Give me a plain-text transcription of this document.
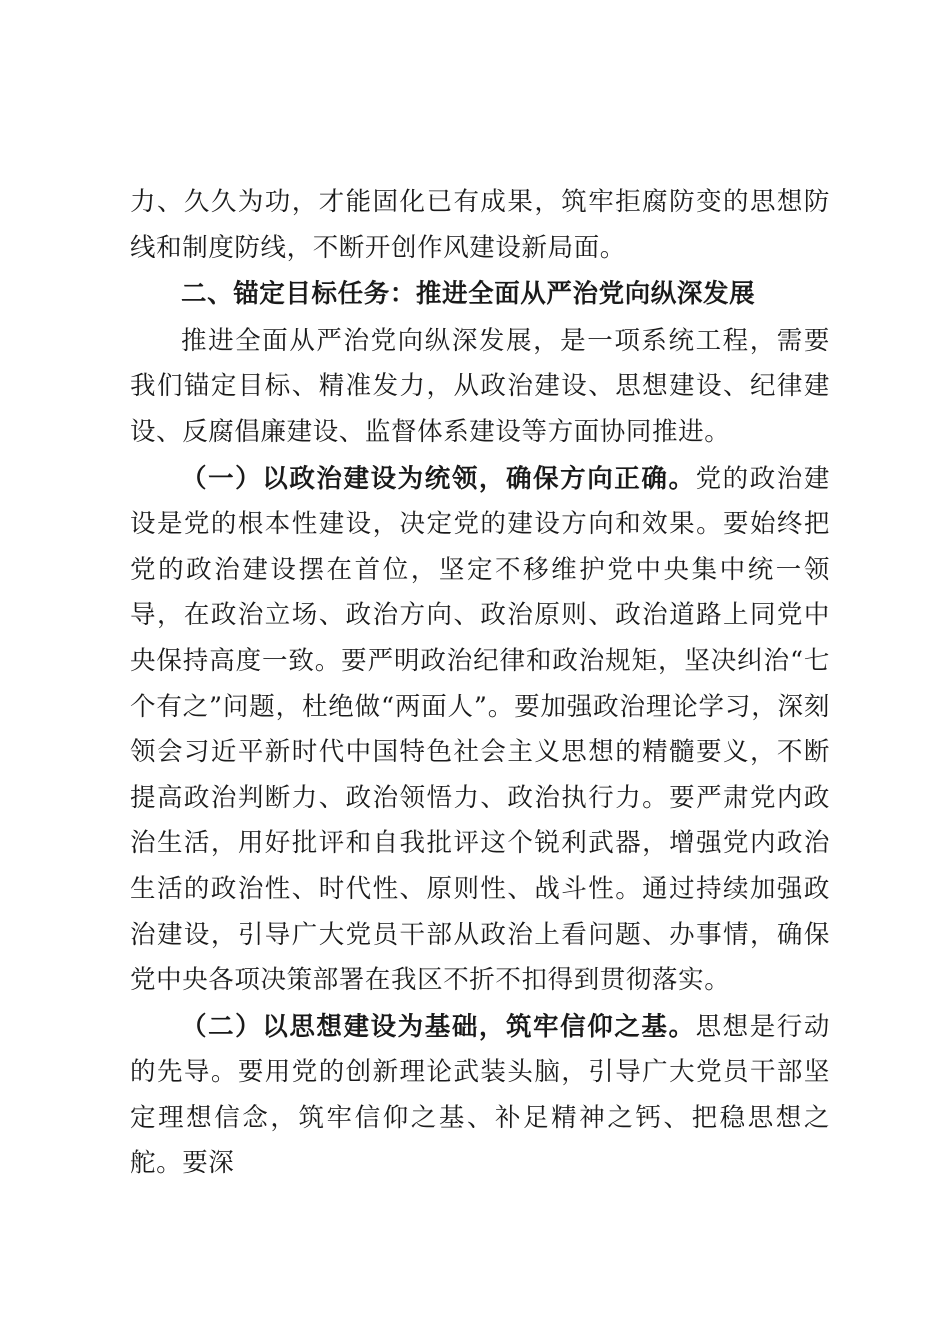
力、久久为功，才能固化已有成果，筑牢拒腐防变的思想防线和制度防线，不断开创作风建设新局面。

二、锚定目标任务：推进全面从严治党向纵深发展

推进全面从严治党向纵深发展，是一项系统工程，需要我们锚定目标、精准发力，从政治建设、思想建设、纪律建设、反腐倡廉建设、监督体系建设等方面协同推进。

（一）以政治建设为统领，确保方向正确。党的政治建设是党的根本性建设，决定党的建设方向和效果。要始终把党的政治建设摆在首位，坚定不移维护党中央集中统一领导，在政治立场、政治方向、政治原则、政治道路上同党中央保持高度一致。要严明政治纪律和政治规矩，坚决纠治“七个有之”问题，杜绝做“两面人”。要加强政治理论学习，深刻领会习近平新时代中国特色社会主义思想的精髓要义，不断提高政治判断力、政治领悟力、政治执行力。要严肃党内政治生活，用好批评和自我批评这个锐利武器，增强党内政治生活的政治性、时代性、原则性、战斗性。通过持续加强政治建设，引导广大党员干部从政治上看问题、办事情，确保党中央各项决策部署在我区不折不扣得到贯彻落实。

（二）以思想建设为基础，筑牢信仰之基。思想是行动的先导。要用党的创新理论武装头脑，引导广大党员干部坚定理想信念，筑牢信仰之基、补足精神之钙、把稳思想之舵。要深
